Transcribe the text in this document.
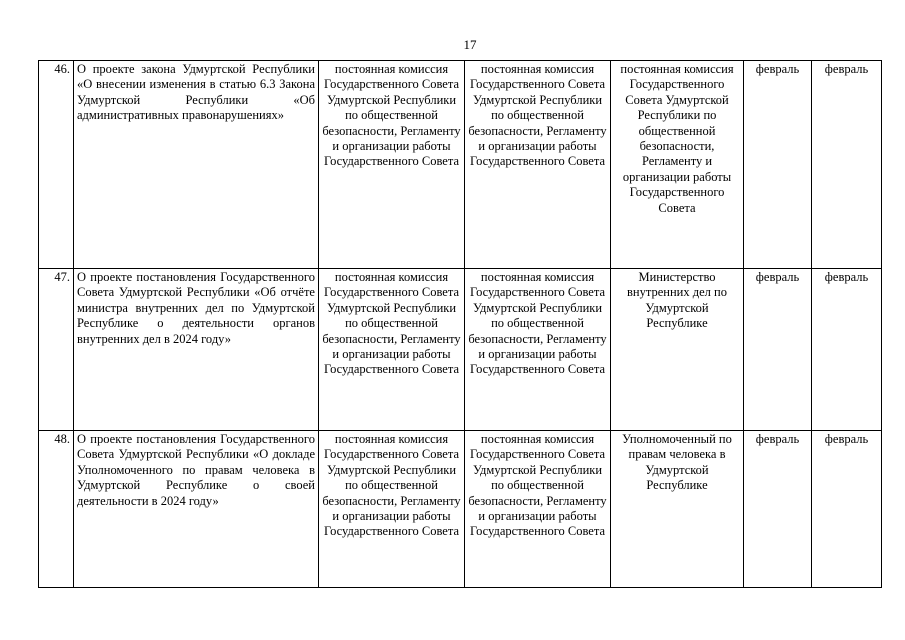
17
46.	О проекте закона Удмуртской Республики «О внесении изменения в статью 6.3 Закона Удмуртской Республики «Об административных правонарушениях»	постоянная комиссия Государственного Совета Удмуртской Республики по общественной безопасности, Регламенту и организации работы Государственного Совета	постоянная комиссия Государственного Совета Удмуртской Республики по общественной безопасности, Регламенту и организации работы Государственного Совета	постоянная комиссия Государственного Совета Удмуртской Республики по общественной безопасности, Регламенту и организации работы Государственного Совета	февраль	февраль
47.	О проекте постановления Государственного Совета Удмуртской Республики «Об отчёте министра внутренних дел по Удмуртской Республике о деятельности органов внутренних дел в 2024 году»	постоянная комиссия Государственного Совета Удмуртской Республики по общественной безопасности, Регламенту и организации работы Государственного Совета	постоянная комиссия Государственного Совета Удмуртской Республики по общественной безопасности, Регламенту и организации работы Государственного Совета	Министерство внутренних дел по Удмуртской Республике	февраль	февраль
48.	О проекте постановления Государственного Совета Удмуртской Республики «О докладе Уполномоченного по правам человека в Удмуртской Республике о своей деятельности в 2024 году»	постоянная комиссия Государственного Совета Удмуртской Республики по общественной безопасности, Регламенту и организации работы Государственного Совета	постоянная комиссия Государственного Совета Удмуртской Республики по общественной безопасности, Регламенту и организации работы Государственного Совета	Уполномоченный по правам человека в Удмуртской Республике	февраль	февраль
